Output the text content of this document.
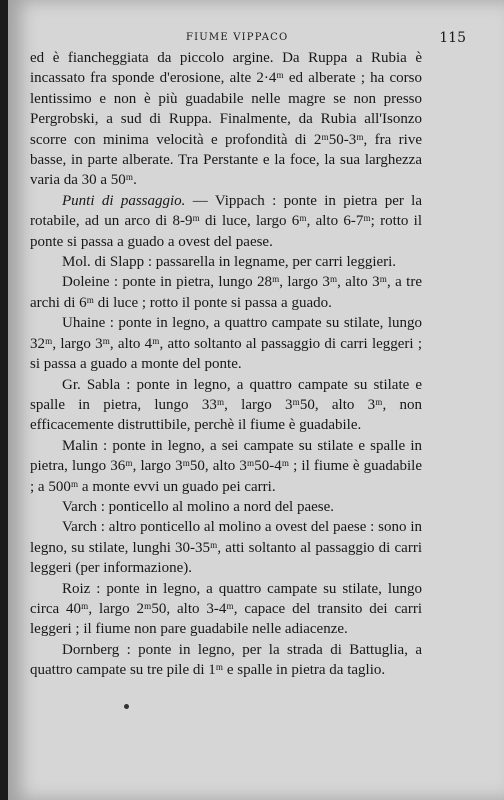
FIUME VIPPACO	115

ed è fiancheggiata da piccolo argine. Da Ruppa a Rubia è incassato fra sponde d'erosione, alte 2·4ᵐ ed alberate ; ha corso lentissimo e non è più guadabile nelle magre se non presso Pergrobski, a sud di Ruppa. Finalmente, da Rubia all'Isonzo scorre con minima velocità e profondità di 2ᵐ50-3ᵐ, fra rive basse, in parte alberate. Tra Perstante e la foce, la sua larghezza varia da 30 a 50ᵐ.

Punti di passaggio. — Vippach : ponte in pietra per la rotabile, ad un arco di 8-9ᵐ di luce, largo 6ᵐ, alto 6-7ᵐ; rotto il ponte si passa a guado a ovest del paese.

Mol. di Slapp : passarella in legname, per carri leggieri.

Doleine : ponte in pietra, lungo 28ᵐ, largo 3ᵐ, alto 3ᵐ, a tre archi di 6ᵐ di luce ; rotto il ponte si passa a guado.

Uhaine : ponte in legno, a quattro campate su stilate, lungo 32ᵐ, largo 3ᵐ, alto 4ᵐ, atto soltanto al passaggio di carri leggeri ; si passa a guado a monte del ponte.

Gr. Sabla : ponte in legno, a quattro campate su stilate e spalle in pietra, lungo 33ᵐ, largo 3ᵐ50, alto 3ᵐ, non efficacemente distruttibile, perchè il fiume è guadabile.

Malin : ponte in legno, a sei campate su stilate e spalle in pietra, lungo 36ᵐ, largo 3ᵐ50, alto 3ᵐ50-4ᵐ ; il fiume è guadabile ; a 500ᵐ a monte evvi un guado pei carri.

Varch : ponticello al molino a nord del paese.

Varch : altro ponticello al molino a ovest del paese : sono in legno, su stilate, lunghi 30-35ᵐ, atti soltanto al passaggio di carri leggeri (per informazione).

Roiz : ponte in legno, a quattro campate su stilate, lungo circa 40ᵐ, largo 2ᵐ50, alto 3-4ᵐ, capace del transito dei carri leggeri ; il fiume non pare guadabile nelle adiacenze.

Dornberg : ponte in legno, per la strada di Battuglia, a quattro campate su tre pile di 1ᵐ e spalle in pietra da taglio.
